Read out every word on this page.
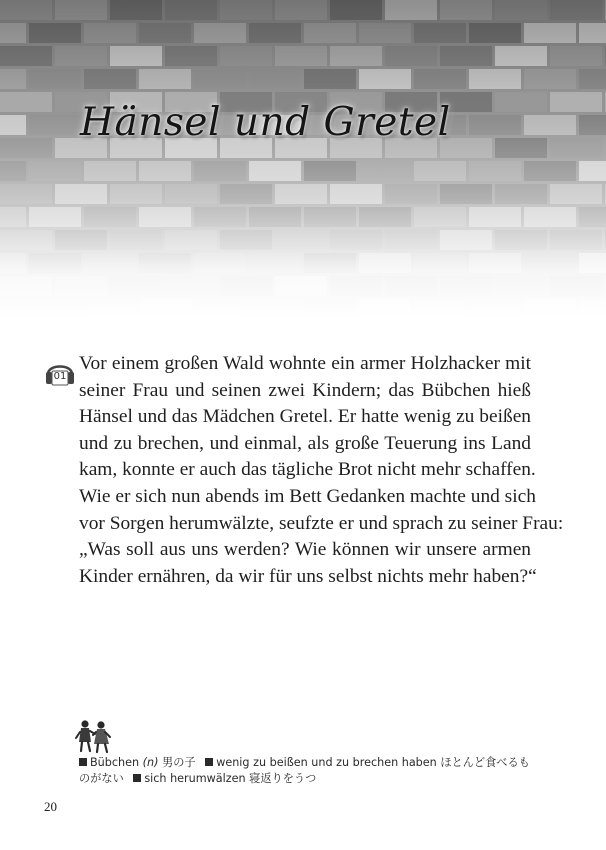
Hänsel und Gretel
01
Vor einem großen Wald wohnte ein armer Holzhacker mit
seiner Frau und seinen zwei Kindern; das Bübchen hieß
Hänsel und das Mädchen Gretel. Er hatte wenig zu beißen
und zu brechen, und einmal, als große Teuerung ins Land
kam, konnte er auch das tägliche Brot nicht mehr schaffen.
Wie er sich nun abends im Bett Gedanken machte und sich
vor Sorgen herumwälzte, seufzte er und sprach zu seiner Frau:
„Was soll aus uns werden? Wie können wir unsere armen
Kinder ernähren, da wir für uns selbst nichts mehr haben?“
Bübchen (n) 男の子 wenig zu beißen und zu brechen haben ほとんど食べるも
のがない sich herumwälzen 寝返りをうつ
20
